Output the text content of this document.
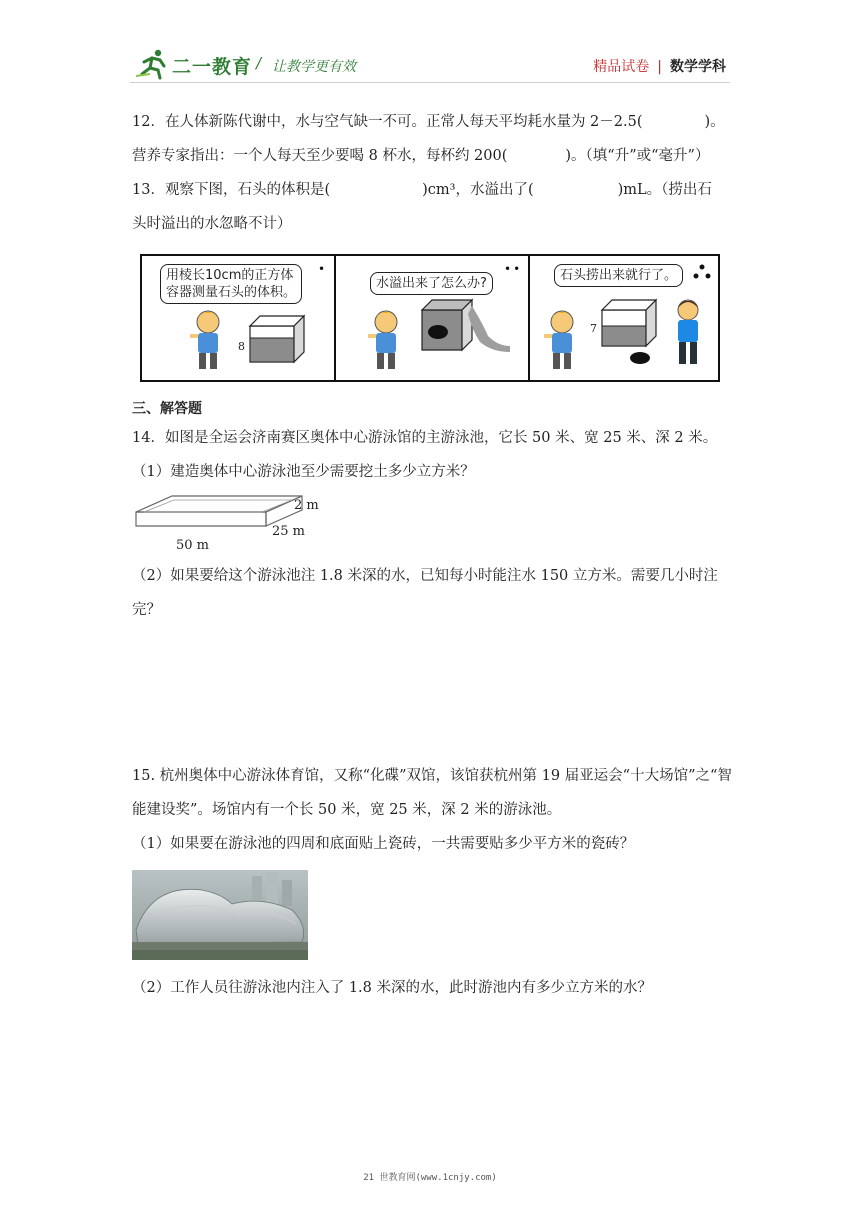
二一教育 / 让教学更有效	精品试卷 | 数学学科
12．在人体新陈代谢中，水与空气缺一不可。正常人每天平均耗水量为 2－2.5(	)。
营养专家指出：一个人每天至少要喝 8 杯水，每杯约 200(	)。（填“升”或“毫升”）
13．观察下图，石头的体积是(	)cm³，水溢出了(	)mL。（捞出石
头时溢出的水忽略不计）
用棱长10cm的正方体
容器测量石头的体积。
•
8
水溢出来了怎么办?
••	石头捞出来就行了。
7
三、解答题
14．如图是全运会济南赛区奥体中心游泳馆的主游泳池，它长 50 米、宽 25 米、深 2 米。
（1）建造奥体中心游泳池至少需要挖土多少立方米？
2 m
25 m
50 m
（2）如果要给这个游泳池注 1.8 米深的水，已知每小时能注水 150 立方米。需要几小时注
完？
15. 杭州奥体中心游泳体育馆，又称“化碟”双馆，该馆获杭州第 19 届亚运会“十大场馆”之“智
能建设奖”。场馆内有一个长 50 米，宽 25 米，深 2 米的游泳池。
（1）如果要在游泳池的四周和底面贴上瓷砖，一共需要贴多少平方米的瓷砖？
（2）工作人员往游泳池内注入了 1.8 米深的水，此时游池内有多少立方米的水？
21 世教育网(www.1cnjy.com)
